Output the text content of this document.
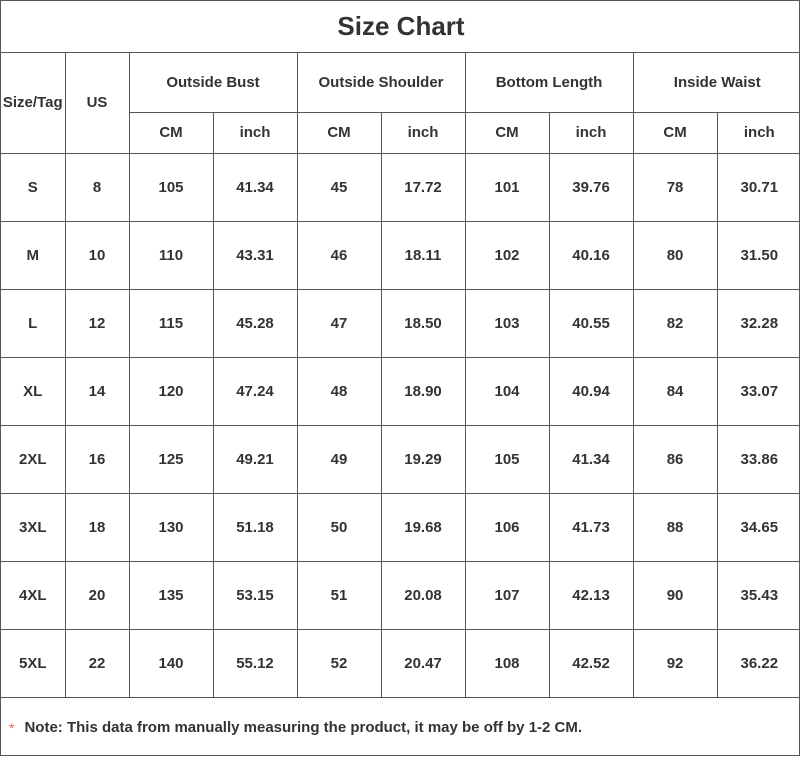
Size Chart
Size/Tag	US	Outside Bust		Outside Shoulder		Bottom Length		Inside Waist	
		CM	inch	CM	inch	CM	inch	CM	inch
S	8	105	41.34	45	17.72	101	39.76	78	30.71
M	10	110	43.31	46	18.11	102	40.16	80	31.50
L	12	115	45.28	47	18.50	103	40.55	82	32.28
XL	14	120	47.24	48	18.90	104	40.94	84	33.07
2XL	16	125	49.21	49	19.29	105	41.34	86	33.86
3XL	18	130	51.18	50	19.68	106	41.73	88	34.65
4XL	20	135	53.15	51	20.08	107	42.13	90	35.43
5XL	22	140	55.12	52	20.47	108	42.52	92	36.22
* Note: This data from manually measuring the product, it may be off by 1-2 CM.
